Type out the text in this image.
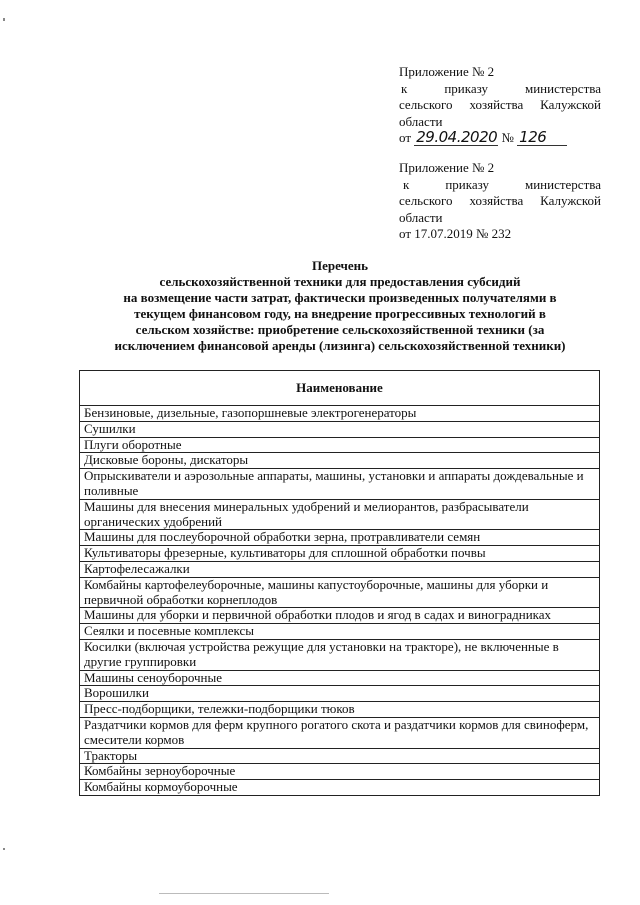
Приложение № 2
к приказу министерства
сельского хозяйства Калужской
области
от 29.04.2020 № 126
Приложение № 2
к приказу министерства
сельского хозяйства Калужской
области
от 17.07.2019 № 232
Перечень
сельскохозяйственной техники для предоставления субсидий
на возмещение части затрат, фактически произведенных получателями в
текущем финансовом году, на внедрение прогрессивных технологий в
сельском хозяйстве: приобретение сельскохозяйственной техники (за
исключением финансовой аренды (лизинга) сельскохозяйственной техники)
Наименование
Бензиновые, дизельные, газопоршневые электрогенераторы
Сушилки
Плуги оборотные
Дисковые бороны, дискаторы
Опрыскиватели и аэрозольные аппараты, машины, установки и аппараты дождевальные и поливные
Машины для внесения минеральных удобрений и мелиорантов, разбрасыватели органических удобрений
Машины для послеуборочной обработки зерна, протравливатели семян
Культиваторы фрезерные, культиваторы для сплошной обработки почвы
Картофелесажалки
Комбайны картофелеуборочные, машины капустоуборочные, машины для уборки и первичной обработки корнеплодов
Машины для уборки и первичной обработки плодов и ягод в садах и виноградниках
Сеялки и посевные комплексы
Косилки (включая устройства режущие для установки на тракторе), не включенные в другие группировки
Машины сеноуборочные
Ворошилки
Пресс-подборщики, тележки-подборщики тюков
Раздатчики кормов для ферм крупного рогатого скота и раздатчики кормов для свиноферм, смесители кормов
Тракторы
Комбайны зерноуборочные
Комбайны кормоуборочные
